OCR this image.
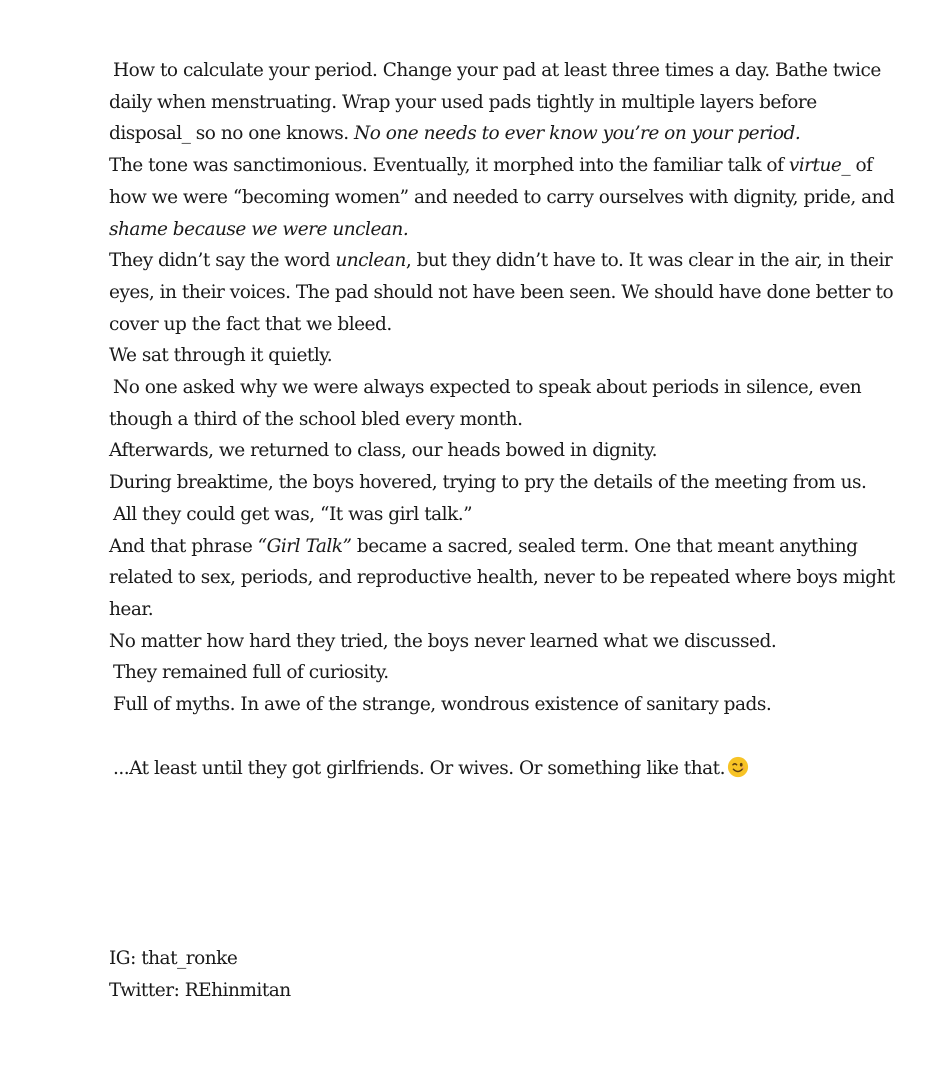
How to calculate your period. Change your pad at least three times a day. Bathe twice
daily when menstruating. Wrap your used pads tightly in multiple layers before
disposal_ so no one knows. No one needs to ever know you’re on your period.
The tone was sanctimonious. Eventually, it morphed into the familiar talk of virtue_ of
how we were “becoming women” and needed to carry ourselves with dignity, pride, and
shame because we were unclean.
They didn’t say the word unclean, but they didn’t have to. It was clear in the air, in their
eyes, in their voices. The pad should not have been seen. We should have done better to
cover up the fact that we bleed.
We sat through it quietly.
No one asked why we were always expected to speak about periods in silence, even
though a third of the school bled every month.
Afterwards, we returned to class, our heads bowed in dignity.
During breaktime, the boys hovered, trying to pry the details of the meeting from us.
All they could get was, “It was girl talk.”
And that phrase “Girl Talk” became a sacred, sealed term. One that meant anything
related to sex, periods, and reproductive health, never to be repeated where boys might
hear.
No matter how hard they tried, the boys never learned what we discussed.
They remained full of curiosity.
Full of myths. In awe of the strange, wondrous existence of sanitary pads.
...At least until they got girlfriends. Or wives. Or something like that.
IG: that_ronke
Twitter: REhinmitan
